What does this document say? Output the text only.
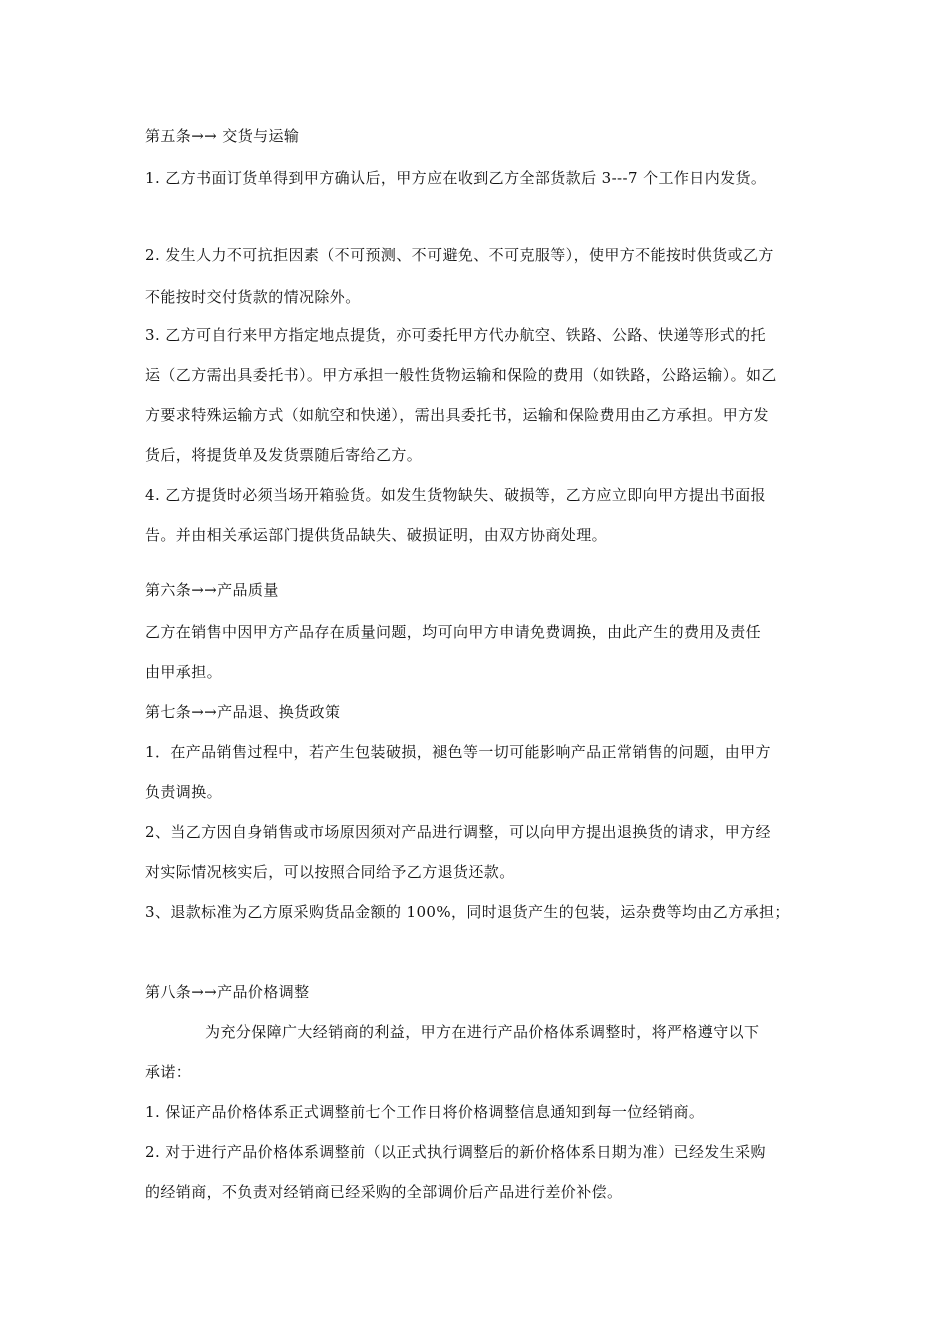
第五条→→ 交货与运输
1. 乙方书面订货单得到甲方确认后，甲方应在收到乙方全部货款后 3---7 个工作日内发货。
2. 发生人力不可抗拒因素（不可预测、不可避免、不可克服等），使甲方不能按时供货或乙方
不能按时交付货款的情况除外。
3. 乙方可自行来甲方指定地点提货，亦可委托甲方代办航空、铁路、公路、快递等形式的托
运（乙方需出具委托书）。甲方承担一般性货物运输和保险的费用（如铁路，公路运输）。如乙
方要求特殊运输方式（如航空和快递），需出具委托书，运输和保险费用由乙方承担。甲方发
货后，将提货单及发货票随后寄给乙方。
4. 乙方提货时必须当场开箱验货。如发生货物缺失、破损等，乙方应立即向甲方提出书面报
告。并由相关承运部门提供货品缺失、破损证明，由双方协商处理。
第六条→→产品质量
乙方在销售中因甲方产品存在质量问题，均可向甲方申请免费调换，由此产生的费用及责任
由甲承担。
第七条→→产品退、换货政策
1．在产品销售过程中，若产生包装破损，褪色等一切可能影响产品正常销售的问题，由甲方
负责调换。
2、当乙方因自身销售或市场原因须对产品进行调整，可以向甲方提出退换货的请求，甲方经
对实际情况核实后，可以按照合同给予乙方退货还款。
3、退款标准为乙方原采购货品金额的 100%，同时退货产生的包装，运杂费等均由乙方承担；
第八条→→产品价格调整
为充分保障广大经销商的利益，甲方在进行产品价格体系调整时，将严格遵守以下
承诺：
1. 保证产品价格体系正式调整前七个工作日将价格调整信息通知到每一位经销商。
2. 对于进行产品价格体系调整前（以正式执行调整后的新价格体系日期为准）已经发生采购
的经销商，不负责对经销商已经采购的全部调价后产品进行差价补偿。
